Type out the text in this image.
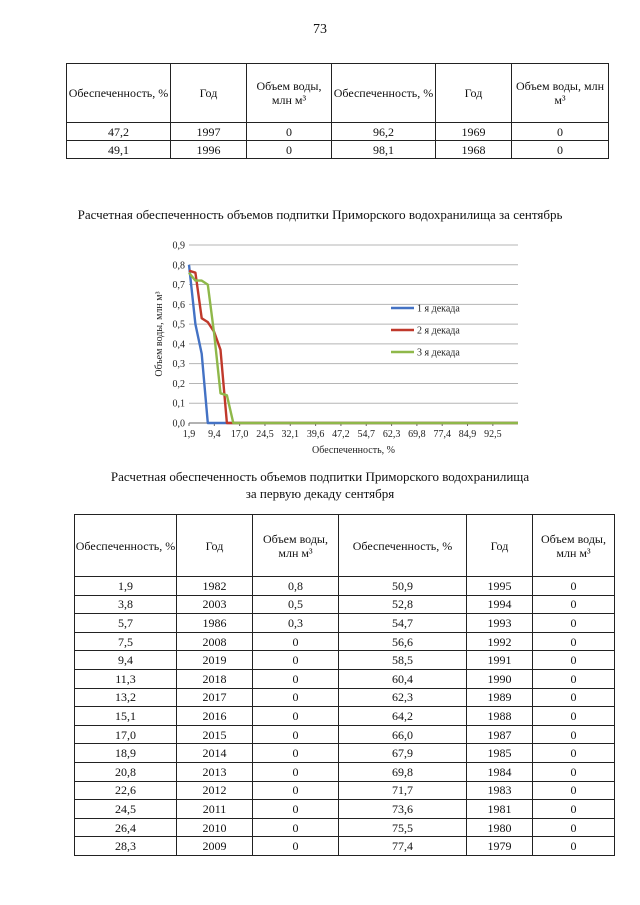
73
Обеспеченность, %	Год	Объем воды, млн м³	Обеспеченность, %	Год	Объем воды, млн м³
47,2	1997	0	96,2	1969	0
49,1	1996	0	98,1	1968	0
Расчетная обеспеченность объемов подпитки Приморского водохранилища за сентябрь
0,0
0,1
0,2
0,3
0,4
0,5
0,6
0,7
0,8
0,9
1,9 9,4 17,0 24,5 32,1 39,6 47,2 54,7 62,3 69,8 77,4 84,9 92,5
Обеспеченность, %
Объем воды, млн м³	1 я декада
2 я декада
3 я декада
Расчетная обеспеченность объемов подпитки Приморского водохранилища
за первую декаду сентября
Обеспеченность, %	Год	Объем воды, млн м³	Обеспеченность, %	Год	Объем воды, млн м³
1,9	1982	0,8	50,9	1995	0
3,8	2003	0,5	52,8	1994	0
5,7	1986	0,3	54,7	1993	0
7,5	2008	0	56,6	1992	0
9,4	2019	0	58,5	1991	0
11,3	2018	0	60,4	1990	0
13,2	2017	0	62,3	1989	0
15,1	2016	0	64,2	1988	0
17,0	2015	0	66,0	1987	0
18,9	2014	0	67,9	1985	0
20,8	2013	0	69,8	1984	0
22,6	2012	0	71,7	1983	0
24,5	2011	0	73,6	1981	0
26,4	2010	0	75,5	1980	0
28,3	2009	0	77,4	1979	0
